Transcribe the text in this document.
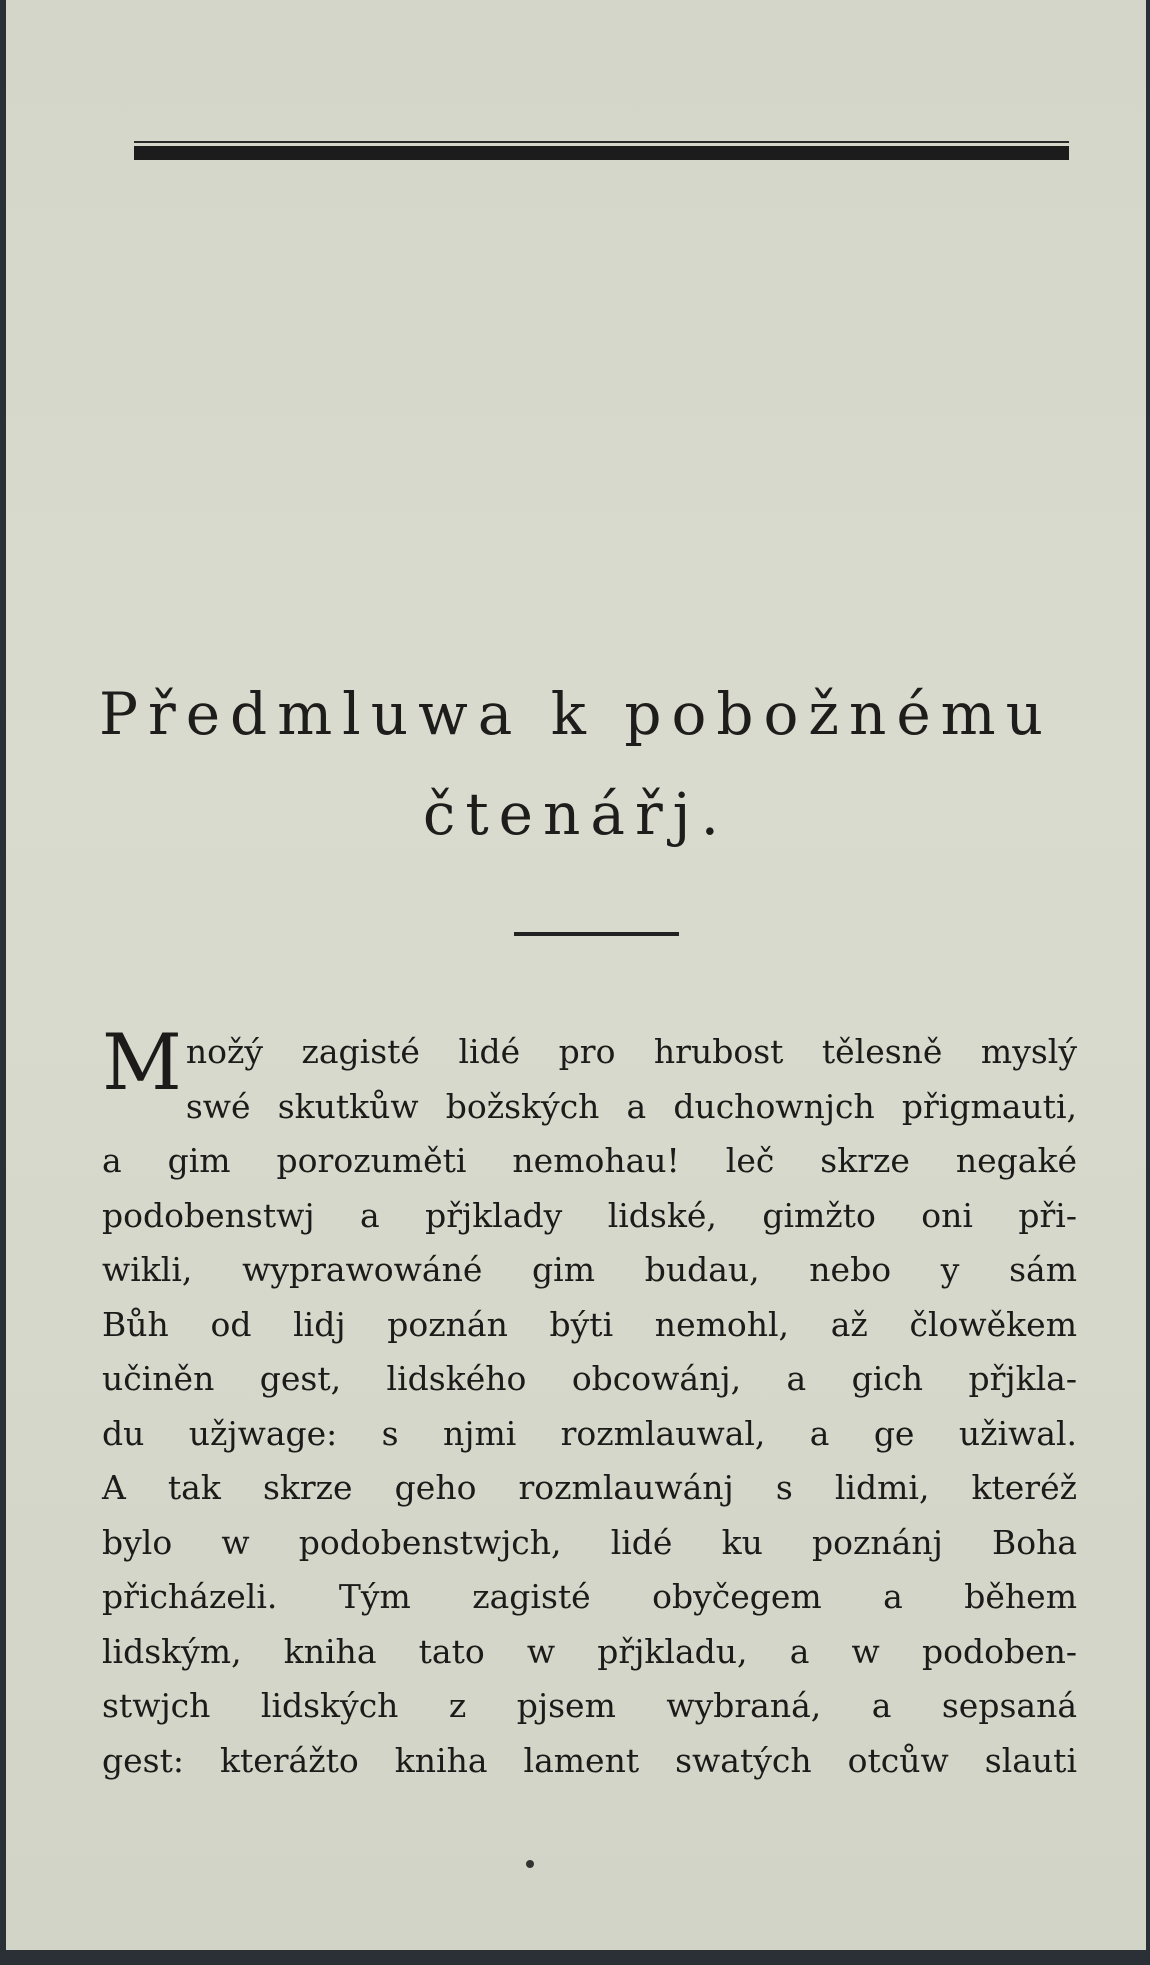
Předmluwa k pobožnému
čtenářj.
M nožý zagisté lidé pro hrubost tělesně myslý
swé skutkůw božských a duchownjch přigmauti,
a gim porozuměti nemohau! leč skrze negaké
podobenstwj a přjklady lidské, gimžto oni při-
wikli, wyprawowáné gim budau, nebo y sám
Bůh od lidj poznán býti nemohl, až člowěkem
učiněn gest, lidského obcowánj, a gich přjkla-
du užjwage: s njmi rozmlauwal, a ge užiwal.
A tak skrze geho rozmlauwánj s lidmi, kteréž
bylo w podobenstwjch, lidé ku poznánj Boha
přicházeli. Tým zagisté obyčegem a během
lidským, kniha tato w přjkladu, a w podoben-
stwjch lidských z pjsem wybraná, a sepsaná
gest: kterážto kniha lament swatých otcůw slauti
